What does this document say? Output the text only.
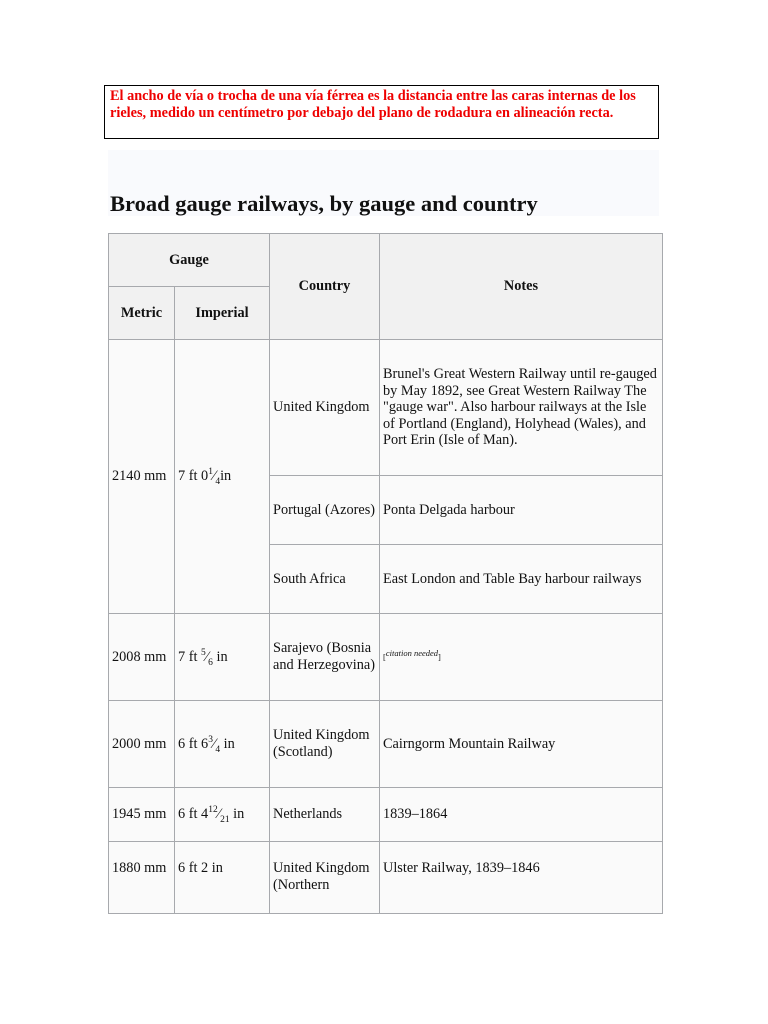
El ancho de vía o trocha de una vía férrea es la distancia entre las caras internas de los rieles, medido un centímetro por debajo del plano de rodadura en alineación recta.
Broad gauge railways, by gauge and country
Gauge		Country	Notes
Metric	Imperial		
2140 mm	7 ft $0^1⁄_4in$	United Kingdom	Brunel's Great Western Railway until re-gauged by May 1892, see Great Western Railway The "gauge war". Also harbour railways at the Isle of Portland (England), Holyhead (Wales), and Port Erin (Isle of Man).
		Portugal (Azores)	Ponta Delgada harbour
		South Africa	East London and Table Bay harbour railways
2008 mm	7 ft $^5⁄_6$ in	Sarajevo (Bosnia and Herzegovina)	[citation needed]
2000 mm	6 ft $6^3⁄_4$ in	United Kingdom (Scotland)	Cairngorm Mountain Railway
1945 mm	6 ft $4^{12}⁄_{21}$ in	Netherlands	1839–1864
1880 mm	6 ft 2 in	United Kingdom (Northern	Ulster Railway, 1839–1846
